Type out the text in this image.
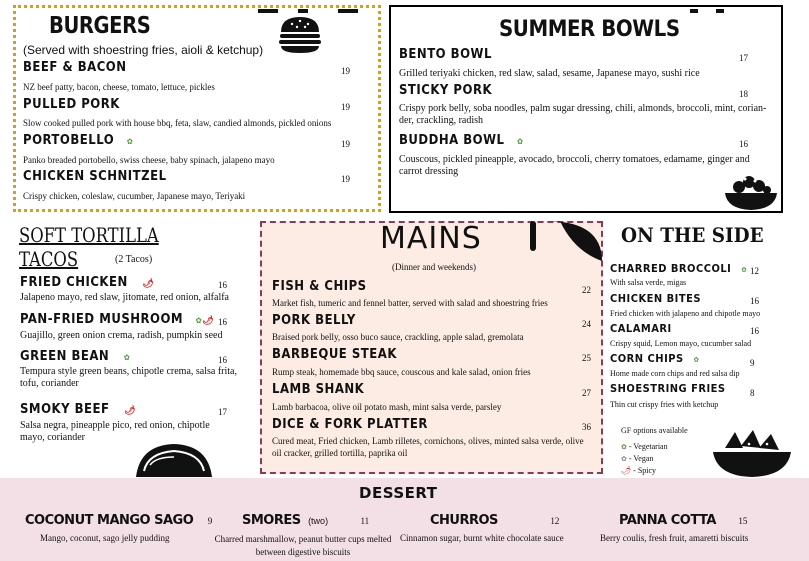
BURGERS
(Served with shoestring fries, aioli & ketchup)
BEEF & BACON	19
NZ beef patty, bacon, cheese, tomato, lettuce, pickles
PULLED PORK	19
Slow cooked pulled pork with house bbq, feta, slaw, candied almonds, pickled onions
PORTOBELLO ✿	19
Panko breaded portobello, swiss cheese, baby spinach, jalapeno mayo
CHICKEN SCHNITZEL	19
Crispy chicken, coleslaw, cucumber, Japanese mayo, Teriyaki
SUMMER BOWLS
BENTO BOWL	17
Grilled teriyaki chicken, red slaw, salad, sesame, Japanese mayo, sushi rice
STICKY PORK	18
Crispy pork belly, soba noodles, palm sugar dressing, chili, almonds, broccoli, mint, corian-der, crackling, radish
BUDDHA BOWL ✿	16
Couscous, pickled pineapple, avocado, broccoli, cherry tomatoes, edamame, ginger and carrot dressing
SOFT TORTILLA TACOS	(2 Tacos)
FRIED CHICKEN 🌶︎	16
Jalapeno mayo, red slaw, jitomate, red onion, alfalfa
PAN-FRIED MUSHROOM ✿🌶︎ 16
Guajillo, green onion crema, radish, pumpkin seed
GREEN BEAN ✿	16
Tempura style green beans, chipotle crema, salsa frita, tofu, coriander
SMOKY BEEF 🌶︎	17
Salsa negra, pineapple pico, red onion, chipotle mayo, coriander
MAINS
(Dinner and weekends)
FISH & CHIPS	22
Market fish, tumeric and fennel batter, served with salad and shoestring fries
PORK BELLY	24
Braised pork belly, osso buco sauce, crackling, apple salad, gremolata
BARBEQUE STEAK	25
Rump steak, homemade bbq sauce, couscous and kale salad, onion fries
LAMB SHANK	27
Lamb barbacoa, olive oil potato mash, mint salsa verde, parsley
DICE & FORK PLATTER	36
Cured meat, Fried chicken, Lamb rilletes, cornichons, olives, minted salsa verde, olive oil cracker, grilled tortilla, paprika oil
ON THE SIDE
CHARRED BROCCOLI ✿ 12
With salsa verde, migas
CHICKEN BITES	16
Fried chicken with jalapeno and chipotle mayo
CALAMARI	16
Crispy squid, Lemon mayo, cucumber salad
CORN CHIPS ✿	9
Home made corn chips and red salsa dip
SHOESTRING FRIES	8
Thin cut crispy fries with ketchup
GF options available
✿ - Vegetarian
✿ - Vegan
🌶︎ - Spicy
DESSERT
COCONUT MANGO SAGO 9
Mango, coconut, sago jelly pudding
SMORES (two)	11
Charred marshmallow, peanut butter cups melted between digestive biscuits
CHURROS	12
Cinnamon sugar, burnt white chocolate sauce
PANNA COTTA 15
Berry coulis, fresh fruit, amaretti biscuits
